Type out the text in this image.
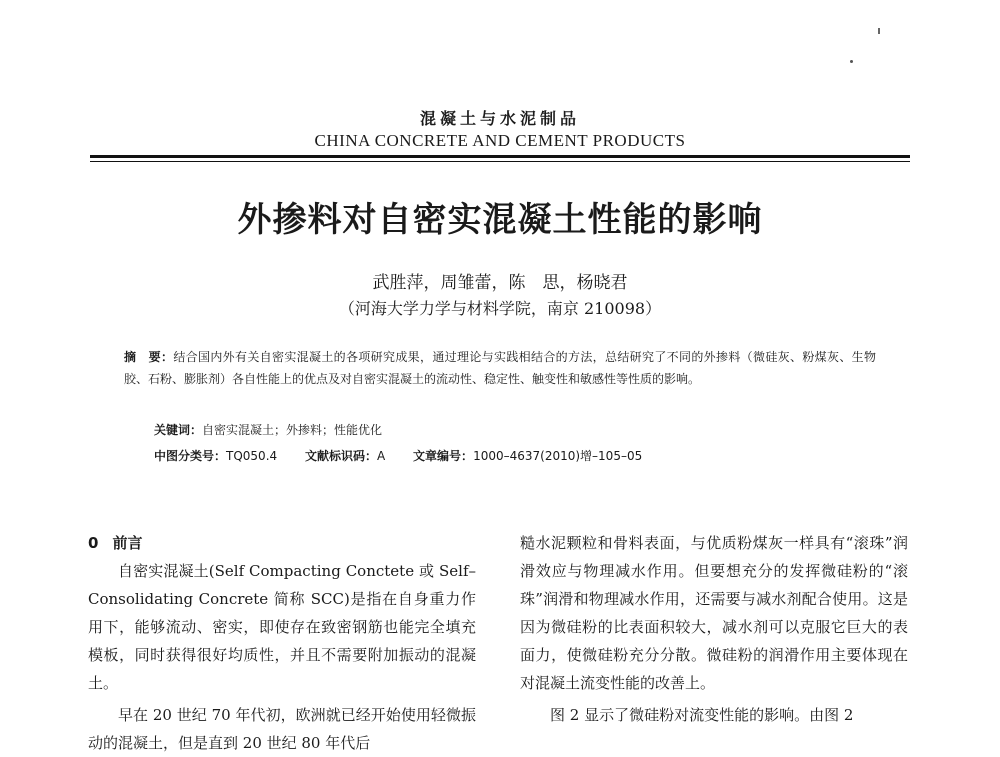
混凝土与水泥制品
CHINA CONCRETE AND CEMENT PRODUCTS
外掺料对自密实混凝土性能的影响
武胜萍，周雏蕾，陈　思，杨晓君
（河海大学力学与材料学院，南京 210098）
摘　要：结合国内外有关自密实混凝土的各项研究成果，通过理论与实践相结合的方法，总结研究了不同的外掺料（微硅灰、粉煤灰、生物胶、石粉、膨胀剂）各自性能上的优点及对自密实混凝土的流动性、稳定性、触变性和敏感性等性质的影响。
关键词：自密实混凝土；外掺料；性能优化
中图分类号：TQ050.4 文献标识码：A 文章编号：1000–4637(2010)增–105–05
0 前言

自密实混凝土(Self Compacting Conctete 或 Self–Consolidating Concrete 简称 SCC)是指在自身重力作用下，能够流动、密实，即使存在致密钢筋也能完全填充模板，同时获得很好均质性，并且不需要附加振动的混凝土。

早在 20 世纪 70 年代初，欧洲就已经开始使用轻微振动的混凝土，但是直到 20 世纪 80 年代后

糙水泥颗粒和骨料表面，与优质粉煤灰一样具有“滚珠”润滑效应与物理减水作用。但要想充分的发挥微硅粉的“滚珠”润滑和物理减水作用，还需要与减水剂配合使用。这是因为微硅粉的比表面积较大，减水剂可以克服它巨大的表面力，使微硅粉充分分散。微硅粉的润滑作用主要体现在对混凝土流变性能的改善上。

图 2 显示了微硅粉对流变性能的影响。由图 2
